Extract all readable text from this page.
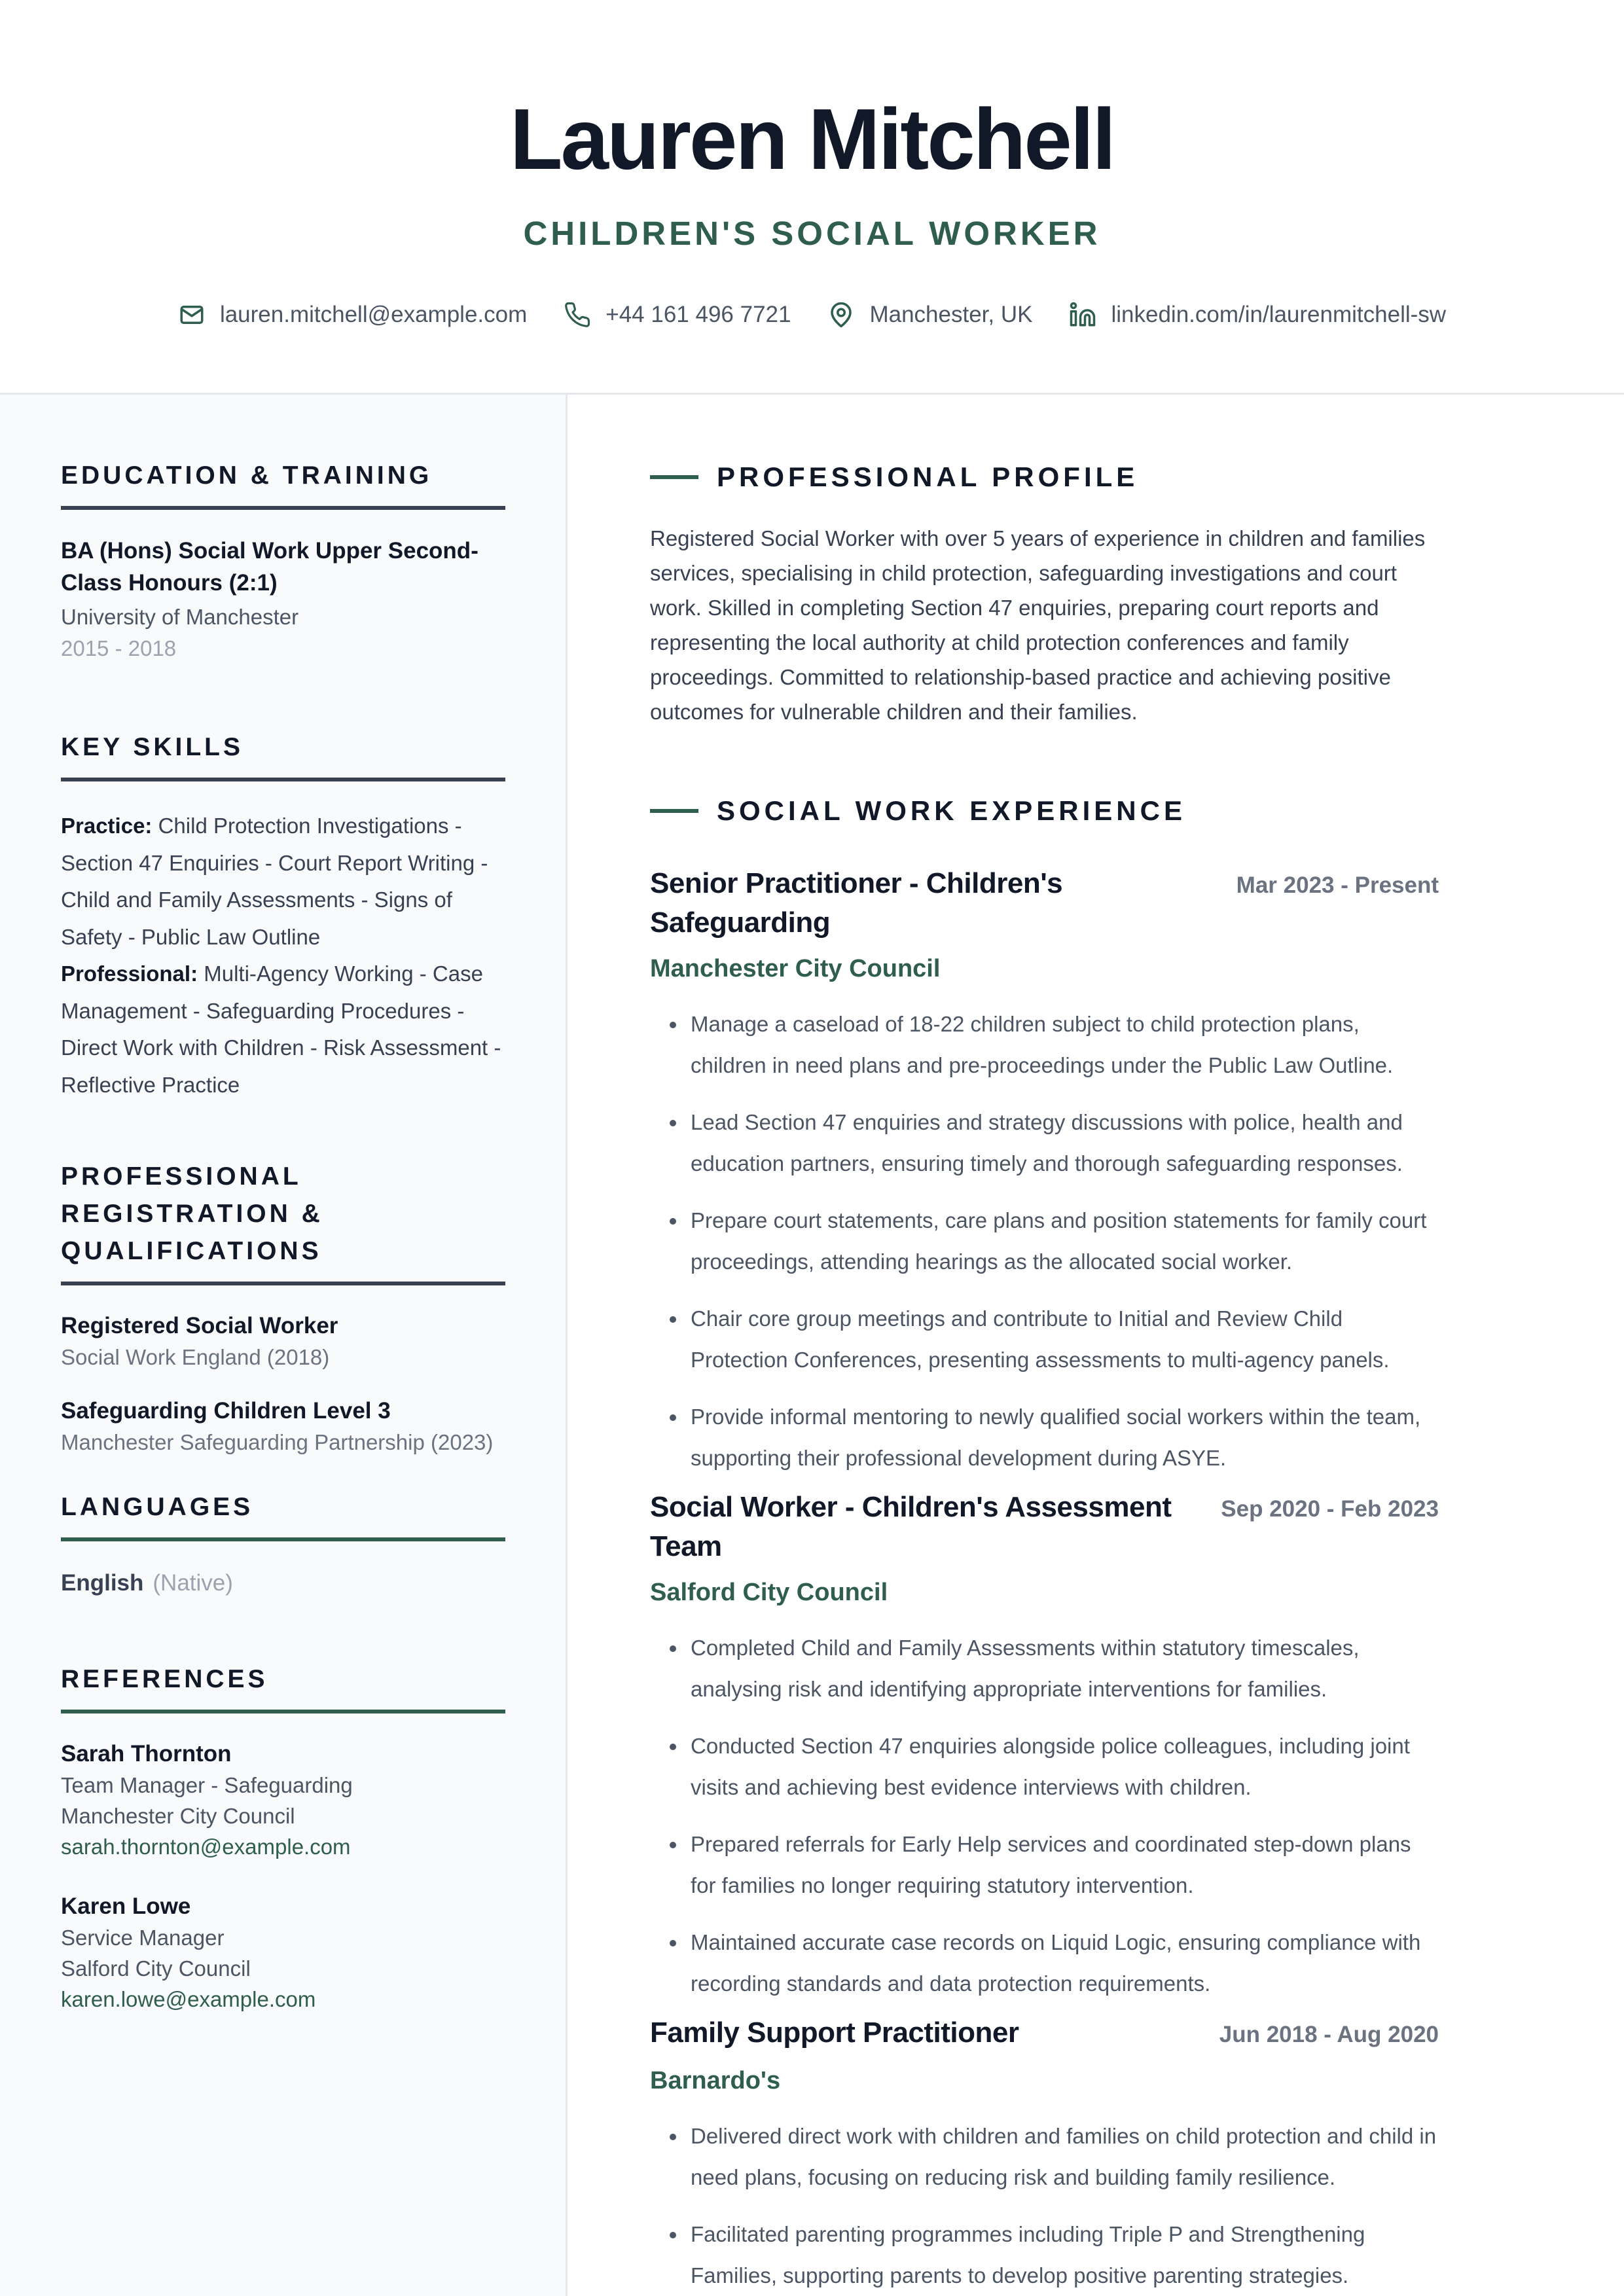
Lauren Mitchell
CHILDREN'S SOCIAL WORKER
lauren.mitchell@example.com	+44 161 496 7721	Manchester, UK	linkedin.com/in/laurenmitchell-sw
EDUCATION & TRAINING
BA (Hons) Social Work Upper Second-Class Honours (2:1)
University of Manchester
2015 - 2018
KEY SKILLS
Practice: Child Protection Investigations - Section 47 Enquiries - Court Report Writing - Child and Family Assessments - Signs of Safety - Public Law Outline
Professional: Multi-Agency Working - Case Management - Safeguarding Procedures - Direct Work with Children - Risk Assessment - Reflective Practice
PROFESSIONAL REGISTRATION & QUALIFICATIONS
Registered Social Worker
Social Work England (2018)
Safeguarding Children Level 3
Manchester Safeguarding Partnership (2023)
LANGUAGES
English (Native)
REFERENCES
Sarah Thornton
Team Manager - Safeguarding
Manchester City Council
sarah.thornton@example.com
Karen Lowe
Service Manager
Salford City Council
karen.lowe@example.com
PROFESSIONAL PROFILE
Registered Social Worker with over 5 years of experience in children and families services, specialising in child protection, safeguarding investigations and court work. Skilled in completing Section 47 enquiries, preparing court reports and representing the local authority at child protection conferences and family proceedings. Committed to relationship-based practice and achieving positive outcomes for vulnerable children and their families.
SOCIAL WORK EXPERIENCE
Senior Practitioner - Children's Safeguarding
Mar 2023 - Present
Manchester City Council
Manage a caseload of 18-22 children subject to child protection plans, children in need plans and pre-proceedings under the Public Law Outline.
Lead Section 47 enquiries and strategy discussions with police, health and education partners, ensuring timely and thorough safeguarding responses.
Prepare court statements, care plans and position statements for family court proceedings, attending hearings as the allocated social worker.
Chair core group meetings and contribute to Initial and Review Child Protection Conferences, presenting assessments to multi-agency panels.
Provide informal mentoring to newly qualified social workers within the team, supporting their professional development during ASYE.
Social Worker - Children's Assessment Team
Sep 2020 - Feb 2023
Salford City Council
Completed Child and Family Assessments within statutory timescales, analysing risk and identifying appropriate interventions for families.
Conducted Section 47 enquiries alongside police colleagues, including joint visits and achieving best evidence interviews with children.
Prepared referrals for Early Help services and coordinated step-down plans for families no longer requiring statutory intervention.
Maintained accurate case records on Liquid Logic, ensuring compliance with recording standards and data protection requirements.
Family Support Practitioner	Jun 2018 - Aug 2020
Barnardo's
Delivered direct work with children and families on child protection and child in need plans, focusing on reducing risk and building family resilience.
Facilitated parenting programmes including Triple P and Strengthening Families, supporting parents to develop positive parenting strategies.
